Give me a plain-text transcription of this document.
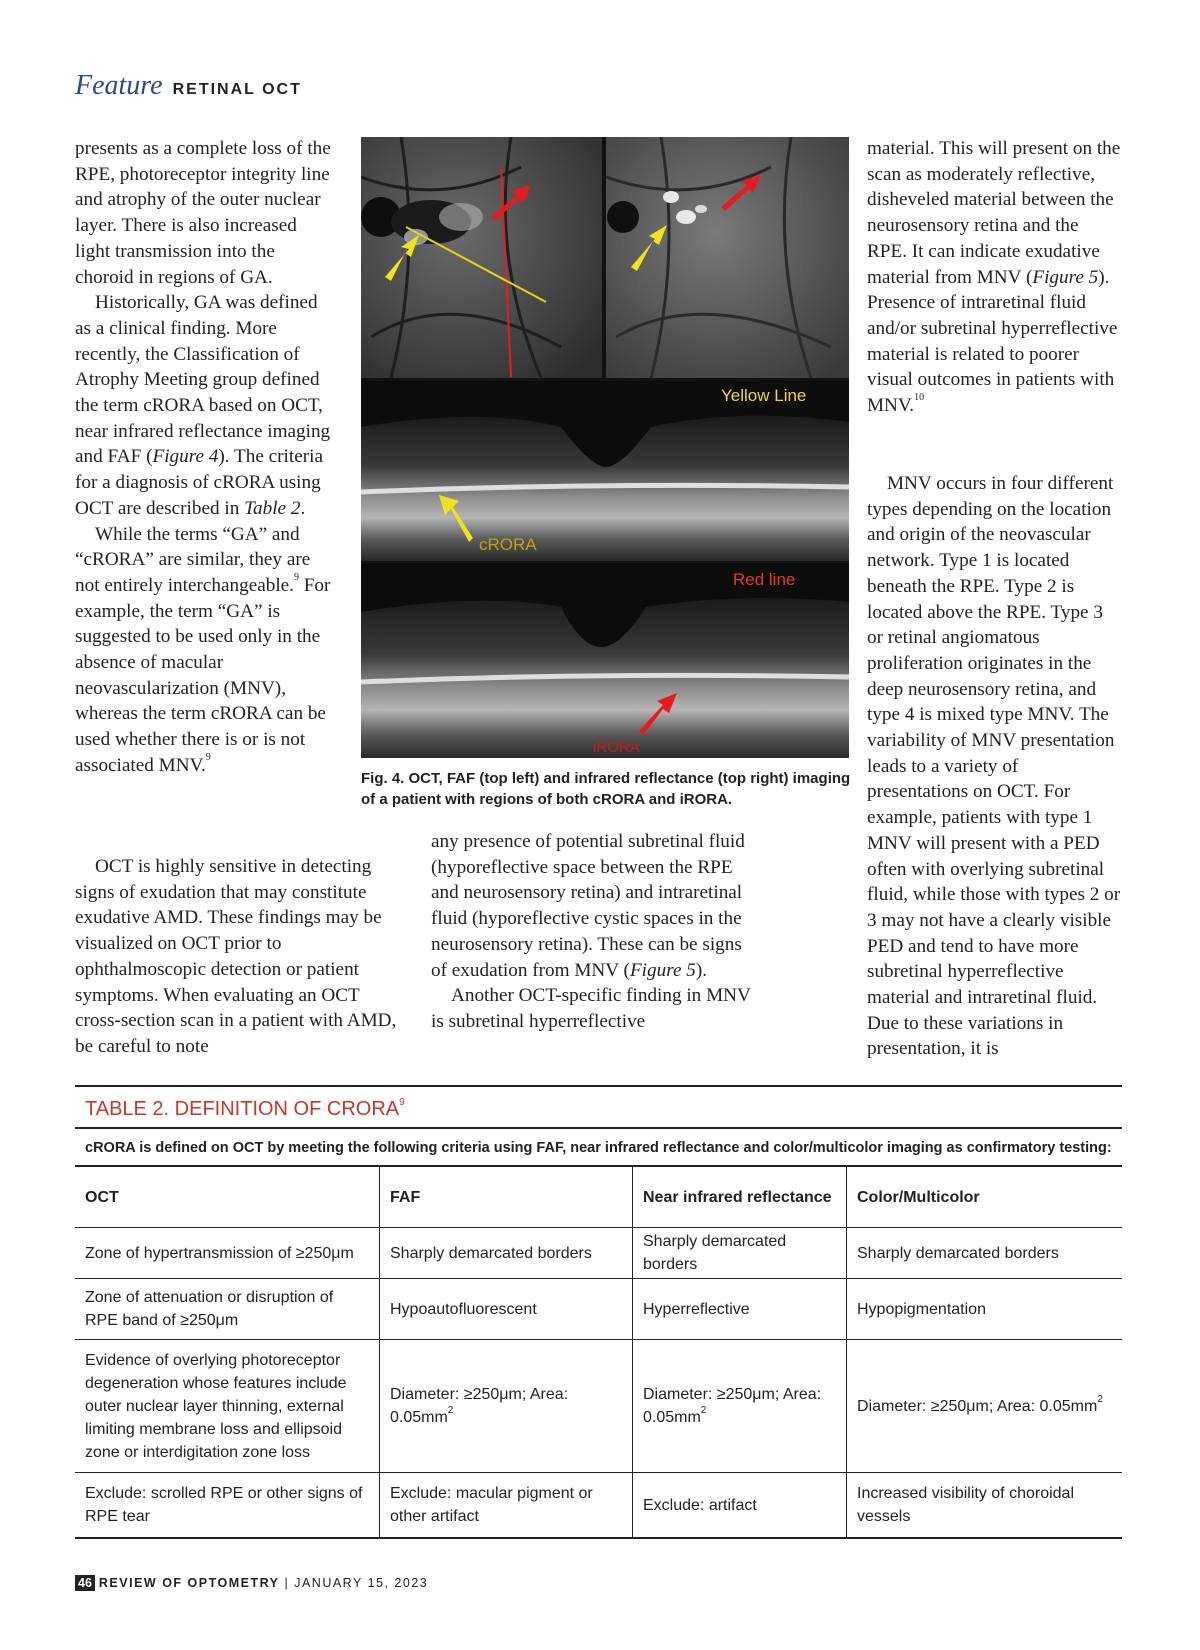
Feature RETINAL OCT

presents as a complete loss of the RPE, photoreceptor integrity line and atrophy of the outer nuclear layer. There is also increased light transmission into the choroid in regions of GA.

Historically, GA was defined as a clinical finding. More recently, the Classification of Atrophy Meeting group defined the term cRORA based on OCT, near infrared reflectance imaging and FAF (Figure 4). The criteria for a diagnosis of cRORA using OCT are described in Table 2.

While the terms “GA” and “cRORA” are similar, they are not entirely interchangeable.$^9$ For example, the term “GA” is suggested to be used only in the absence of macular neovascularization (MNV), whereas the term cRORA can be used whether there is or is not associated MNV.$^9$

OCT is highly sensitive in detecting signs of exudation that may constitute exudative AMD. These findings may be visualized on OCT prior to ophthalmoscopic detection or patient symptoms. When evaluating an OCT cross-section scan in a patient with AMD, be careful to note

any presence of potential subretinal fluid (hyporeflective space between the RPE and neurosensory retina) and intraretinal fluid (hyporeflective cystic spaces in the neurosensory retina). These can be signs of exudation from MNV (Figure 5).

Another OCT-specific finding in MNV is subretinal hyperreflective

material. This will present on the scan as moderately reflective, disheveled material between the neurosensory retina and the RPE. It can indicate exudative material from MNV (Figure 5). Presence of intraretinal fluid and/or subretinal hyperreflective material is related to poorer visual outcomes in patients with MNV.$^{10}$

MNV occurs in four different types depending on the location and origin of the neovascular network. Type 1 is located beneath the RPE. Type 2 is located above the RPE. Type 3 or retinal angiomatous proliferation originates in the deep neurosensory retina, and type 4 is mixed type MNV. The variability of MNV presentation leads to a variety of presentations on OCT. For example, patients with type 1 MNV will present with a PED often with overlying subretinal fluid, while those with types 2 or 3 may not have a clearly visible PED and tend to have more subretinal hyperreflective material and intraretinal fluid. Due to these variations in presentation, it is

Yellow Line
cRORA
Red line
iRORA
Fig. 4. OCT, FAF (top left) and infrared reflectance (top right) imaging of a patient with regions of both cRORA and iRORA.
TABLE 2. DEFINITION OF CRORA$^9$
cRORA is defined on OCT by meeting the following criteria using FAF, near infrared reflectance and color/multicolor imaging as confirmatory testing:
OCT	FAF	Near infrared reflectance	Color/Multicolor
Zone of hypertransmission of ≥250μm	Sharply demarcated borders	Sharply demarcated borders	Sharply demarcated borders
Zone of attenuation or disruption of RPE band of ≥250μm	Hypoautofluorescent	Hyperreflective	Hypopigmentation
Evidence of overlying photoreceptor degeneration whose features include outer nuclear layer thinning, external limiting membrane loss and ellipsoid zone or interdigitation zone loss	Diameter: ≥250μm; Area: $0.05mm^2$	Diameter: ≥250μm; Area: $0.05mm^2$	Diameter: ≥250μm; Area: $0.05mm^2$
Exclude: scrolled RPE or other signs of RPE tear	Exclude: macular pigment or other artifact	Exclude: artifact	Increased visibility of choroidal vessels
46 REVIEW OF OPTOMETRY | JANUARY 15, 2023
